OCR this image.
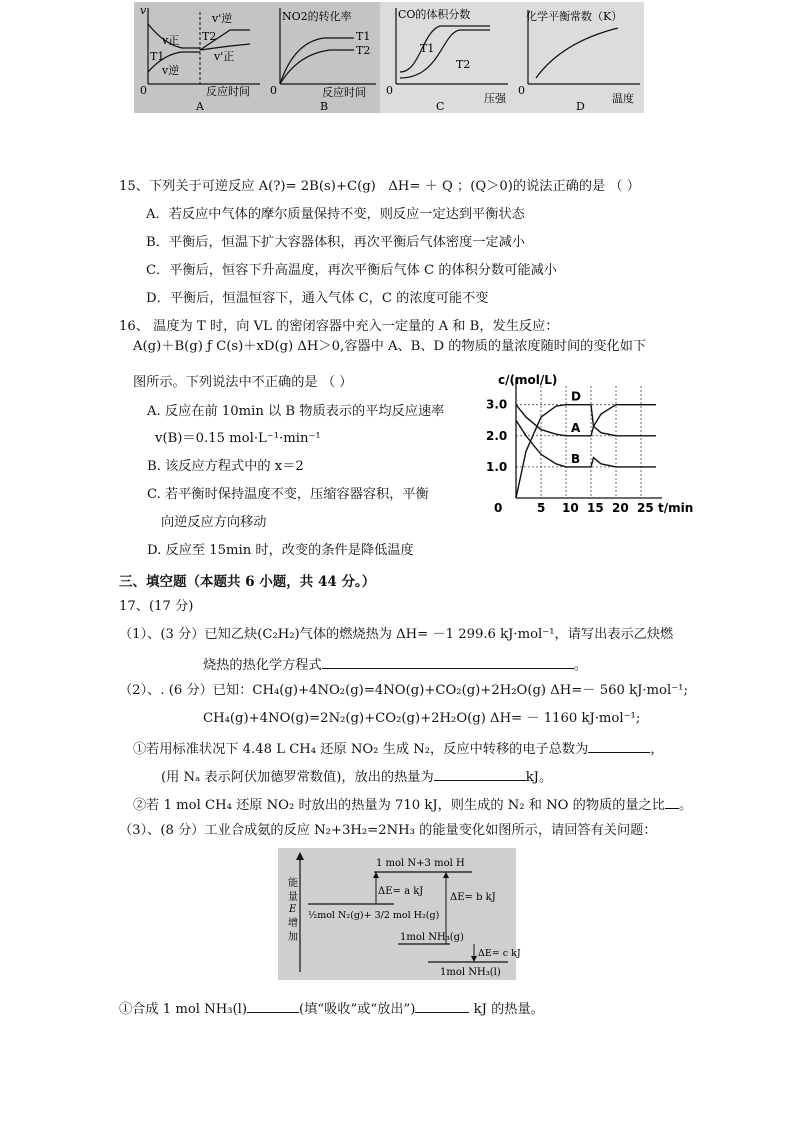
v
T1
v正
v逆
T2
v'逆
v'正
0	反应时间
A
NO2的转化率
T1
T2
0	反应时间
B
CO的体积分数
T1
T2
0
压强
C
化学平衡常数（K）
0
温度
D
15、下列关于可逆反应 A(?)= 2B(s)+C(g) ΔH= ＋ Q ；(Q＞0)的说法正确的是 （ ）
A．若反应中气体的摩尔质量保持不变，则反应一定达到平衡状态
B．平衡后，恒温下扩大容器体积，再次平衡后气体密度一定减小
C．平衡后，恒容下升高温度，再次平衡后气体 C 的体积分数可能减小
D．平衡后，恒温恒容下，通入气体 C，C 的浓度可能不变
16、 温度为 T 时，向 VL 的密闭容器中充入一定量的 A 和 B，发生反应：
A(g)＋B(g) ƒ C(s)＋xD(g) ΔH＞0,容器中 A、B、D 的物质的量浓度随时间的变化如下
图所示。下列说法中不正确的是 （ ）
A. 反应在前 10min 以 B 物质表示的平均反应速率
v(B)＝0.15 mol·L⁻¹·min⁻¹
B. 该反应方程式中的 x＝2
C. 若平衡时保持温度不变，压缩容器容积，平衡
向逆反应方向移动
D. 反应至 15min 时，改变的条件是降低温度
5 10 15 20 25
1.0
2.0
3.0
0
c/(mol/L)
t/min
D
A
B
三、填空题（本题共 6 小题，共 44 分。）
17、(17 分)
（1）、(3 分）已知乙炔(C₂H₂)气体的燃烧热为 ΔH= －1 299.6 kJ·mol⁻¹，请写出表示乙炔燃
烧热的热化学方程式	。
（2）、. (6 分）已知：CH₄(g)+4NO₂(g)=4NO(g)+CO₂(g)+2H₂O(g) ΔH=－ 560 kJ·mol⁻¹;
CH₄(g)+4NO(g)=2N₂(g)+CO₂(g)+2H₂O(g) ΔH= － 1160 kJ·mol⁻¹;
①若用标准状况下 4.48 L CH₄ 还原 NO₂ 生成 N₂，反应中转移的电子总数为	，
(用 Nₐ 表示阿伏加德罗常数值)，放出的热量为	kJ。
②若 1 mol CH₄ 还原 NO₂ 时放出的热量为 710 kJ，则生成的 N₂ 和 NO 的物质的量之比 。
（3）、(8 分）工业合成氨的反应 N₂+3H₂=2NH₃ 的能量变化如图所示，请回答有关问题：
能
量
E
增
加
1 mol N+3 mol H
ΔE= a kJ
ΔE= b kJ
½mol N₂(g)+ 3/2 mol H₂(g)
1mol NH₃(g)
ΔE= c kJ
1mol NH₃(l)
①合成 1 mol NH₃(l)	(填“吸收”或“放出”)	kJ 的热量。
